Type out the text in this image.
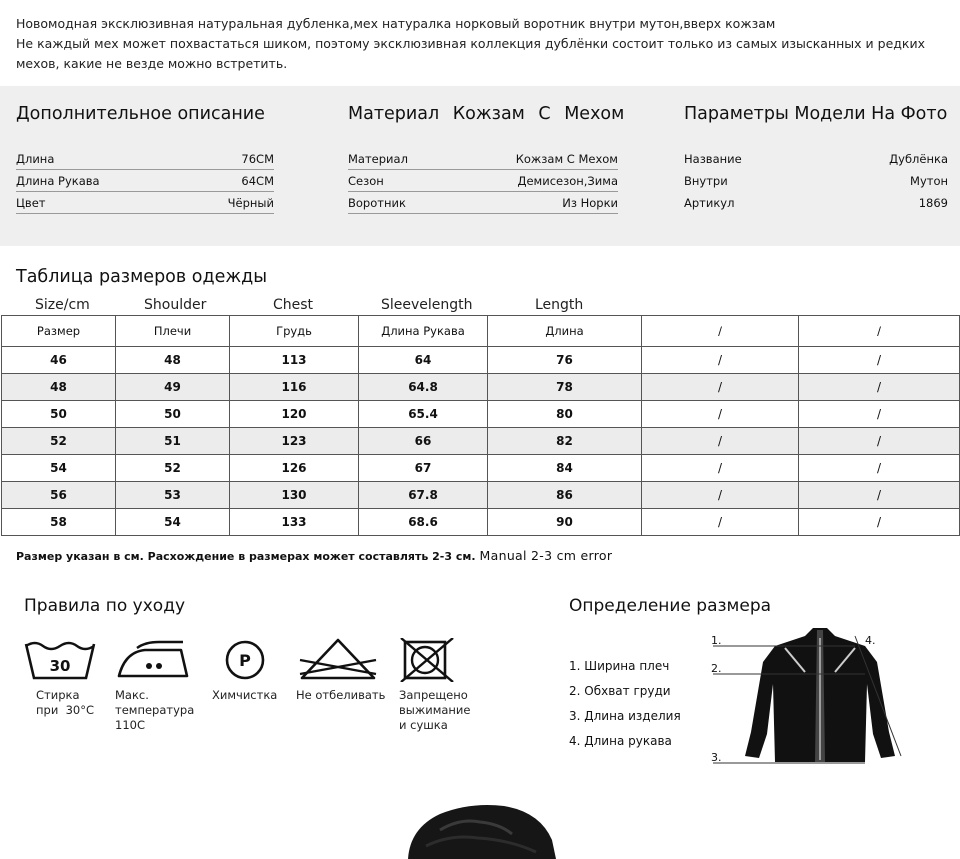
Новомодная эксклюзивная натуральная дубленка,мех натуралка норковый воротник внутри мутон,вверх кожзам
Не каждый мех может похвастаться шиком, поэтому эксклюзивная коллекция дублёнки состоит только из самых изысканных и редких мехов, какие не везде можно встретить.
Дополнительное описание
Длина	76CM
Длина Рукава	64CM
Цвет	Чёрный
Материал Кожзам С Мехом
Материал	Кожзам С Мехом
Сезон	Демисезон,Зима
Воротник	Из Норки
Параметры Модели На Фото
Название	Дублёнка
Внутри	Мутон
Артикул	1869
Таблица размеров одежды
Size/cm	Shoulder	Chest	Sleevelength	Length
Размер	Плечи	Грудь	Длина Рукава	Длина	/	/
46	48	113	64	76	/	/
48	49	116	64.8	78	/	/
50	50	120	65.4	80	/	/
52	51	123	66	82	/	/
54	52	126	67	84	/	/
56	53	130	67.8	86	/	/
58	54	133	68.6	90	/	/
Размер указан в см. Расхождение в размерах может составлять 2-3 см. Manual 2-3 cm error
Правила по уходу
30
Стирка
при  30°С
Макс.
температура
110С
P
Химчистка Не отбеливать Запрещено
выжимание
и сушка
Определение размера
1. Ширина плеч
2. Обхват груди
3. Длина изделия
4. Длина рукава
1.
2.
3.
4.
